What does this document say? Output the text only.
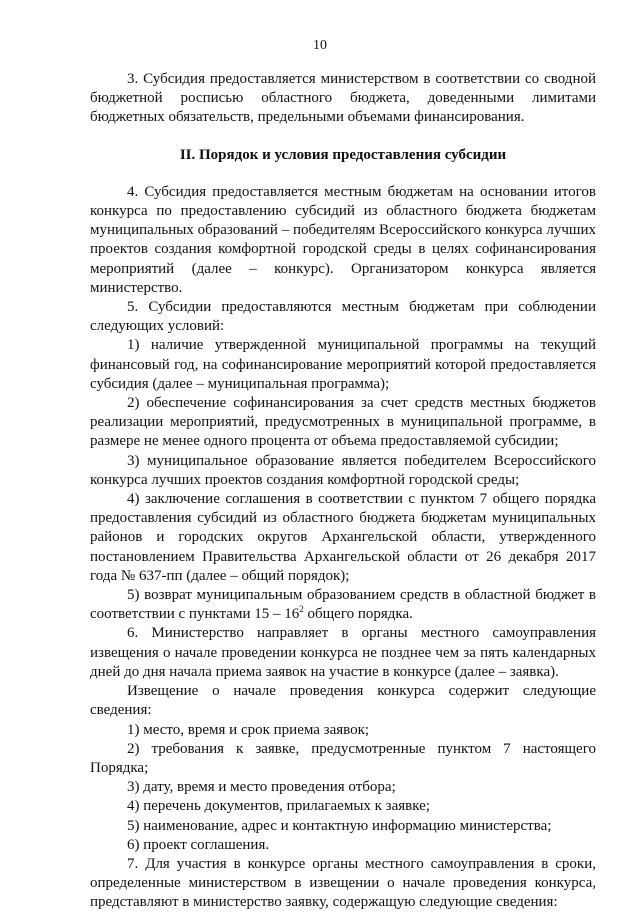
10

3. Субсидия предоставляется министерством в соответствии со сводной бюджетной росписью областного бюджета, доведенными лимитами бюджетных обязательств, предельными объемами финансирования.

II. Порядок и условия предоставления субсидии

4. Субсидия предоставляется местным бюджетам на основании итогов конкурса по предоставлению субсидий из областного бюджета бюджетам муниципальных образований – победителям Всероссийского конкурса лучших проектов создания комфортной городской среды в целях софинансирования мероприятий (далее – конкурс). Организатором конкурса является министерство.

5. Субсидии предоставляются местным бюджетам при соблюдении следующих условий:

1) наличие утвержденной муниципальной программы на текущий финансовый год, на софинансирование мероприятий которой предоставляется субсидия (далее – муниципальная программа);

2) обеспечение софинансирования за счет средств местных бюджетов реализации мероприятий, предусмотренных в муниципальной программе, в размере не менее одного процента от объема предоставляемой субсидии;

3) муниципальное образование является победителем Всероссийского конкурса лучших проектов создания комфортной городской среды;

4) заключение соглашения в соответствии с пунктом 7 общего порядка предоставления субсидий из областного бюджета бюджетам муниципальных районов и городских округов Архангельской области, утвержденного постановлением Правительства Архангельской области от 26 декабря 2017 года № 637-пп (далее – общий порядок);

5) возврат муниципальным образованием средств в областной бюджет в соответствии с пунктами $15 - 16^2$ общего порядка.

6. Министерство направляет в органы местного самоуправления извещения о начале проведении конкурса не позднее чем за пять календарных дней до дня начала приема заявок на участие в конкурсе (далее – заявка).

Извещение о начале проведения конкурса содержит следующие сведения:

1) место, время и срок приема заявок;

2) требования к заявке, предусмотренные пунктом 7 настоящего Порядка;

3) дату, время и место проведения отбора;

4) перечень документов, прилагаемых к заявке;

5) наименование, адрес и контактную информацию министерства;

6) проект соглашения.

7. Для участия в конкурсе органы местного самоуправления в сроки, определенные министерством в извещении о начале проведения конкурса, представляют в министерство заявку, содержащую следующие сведения:
